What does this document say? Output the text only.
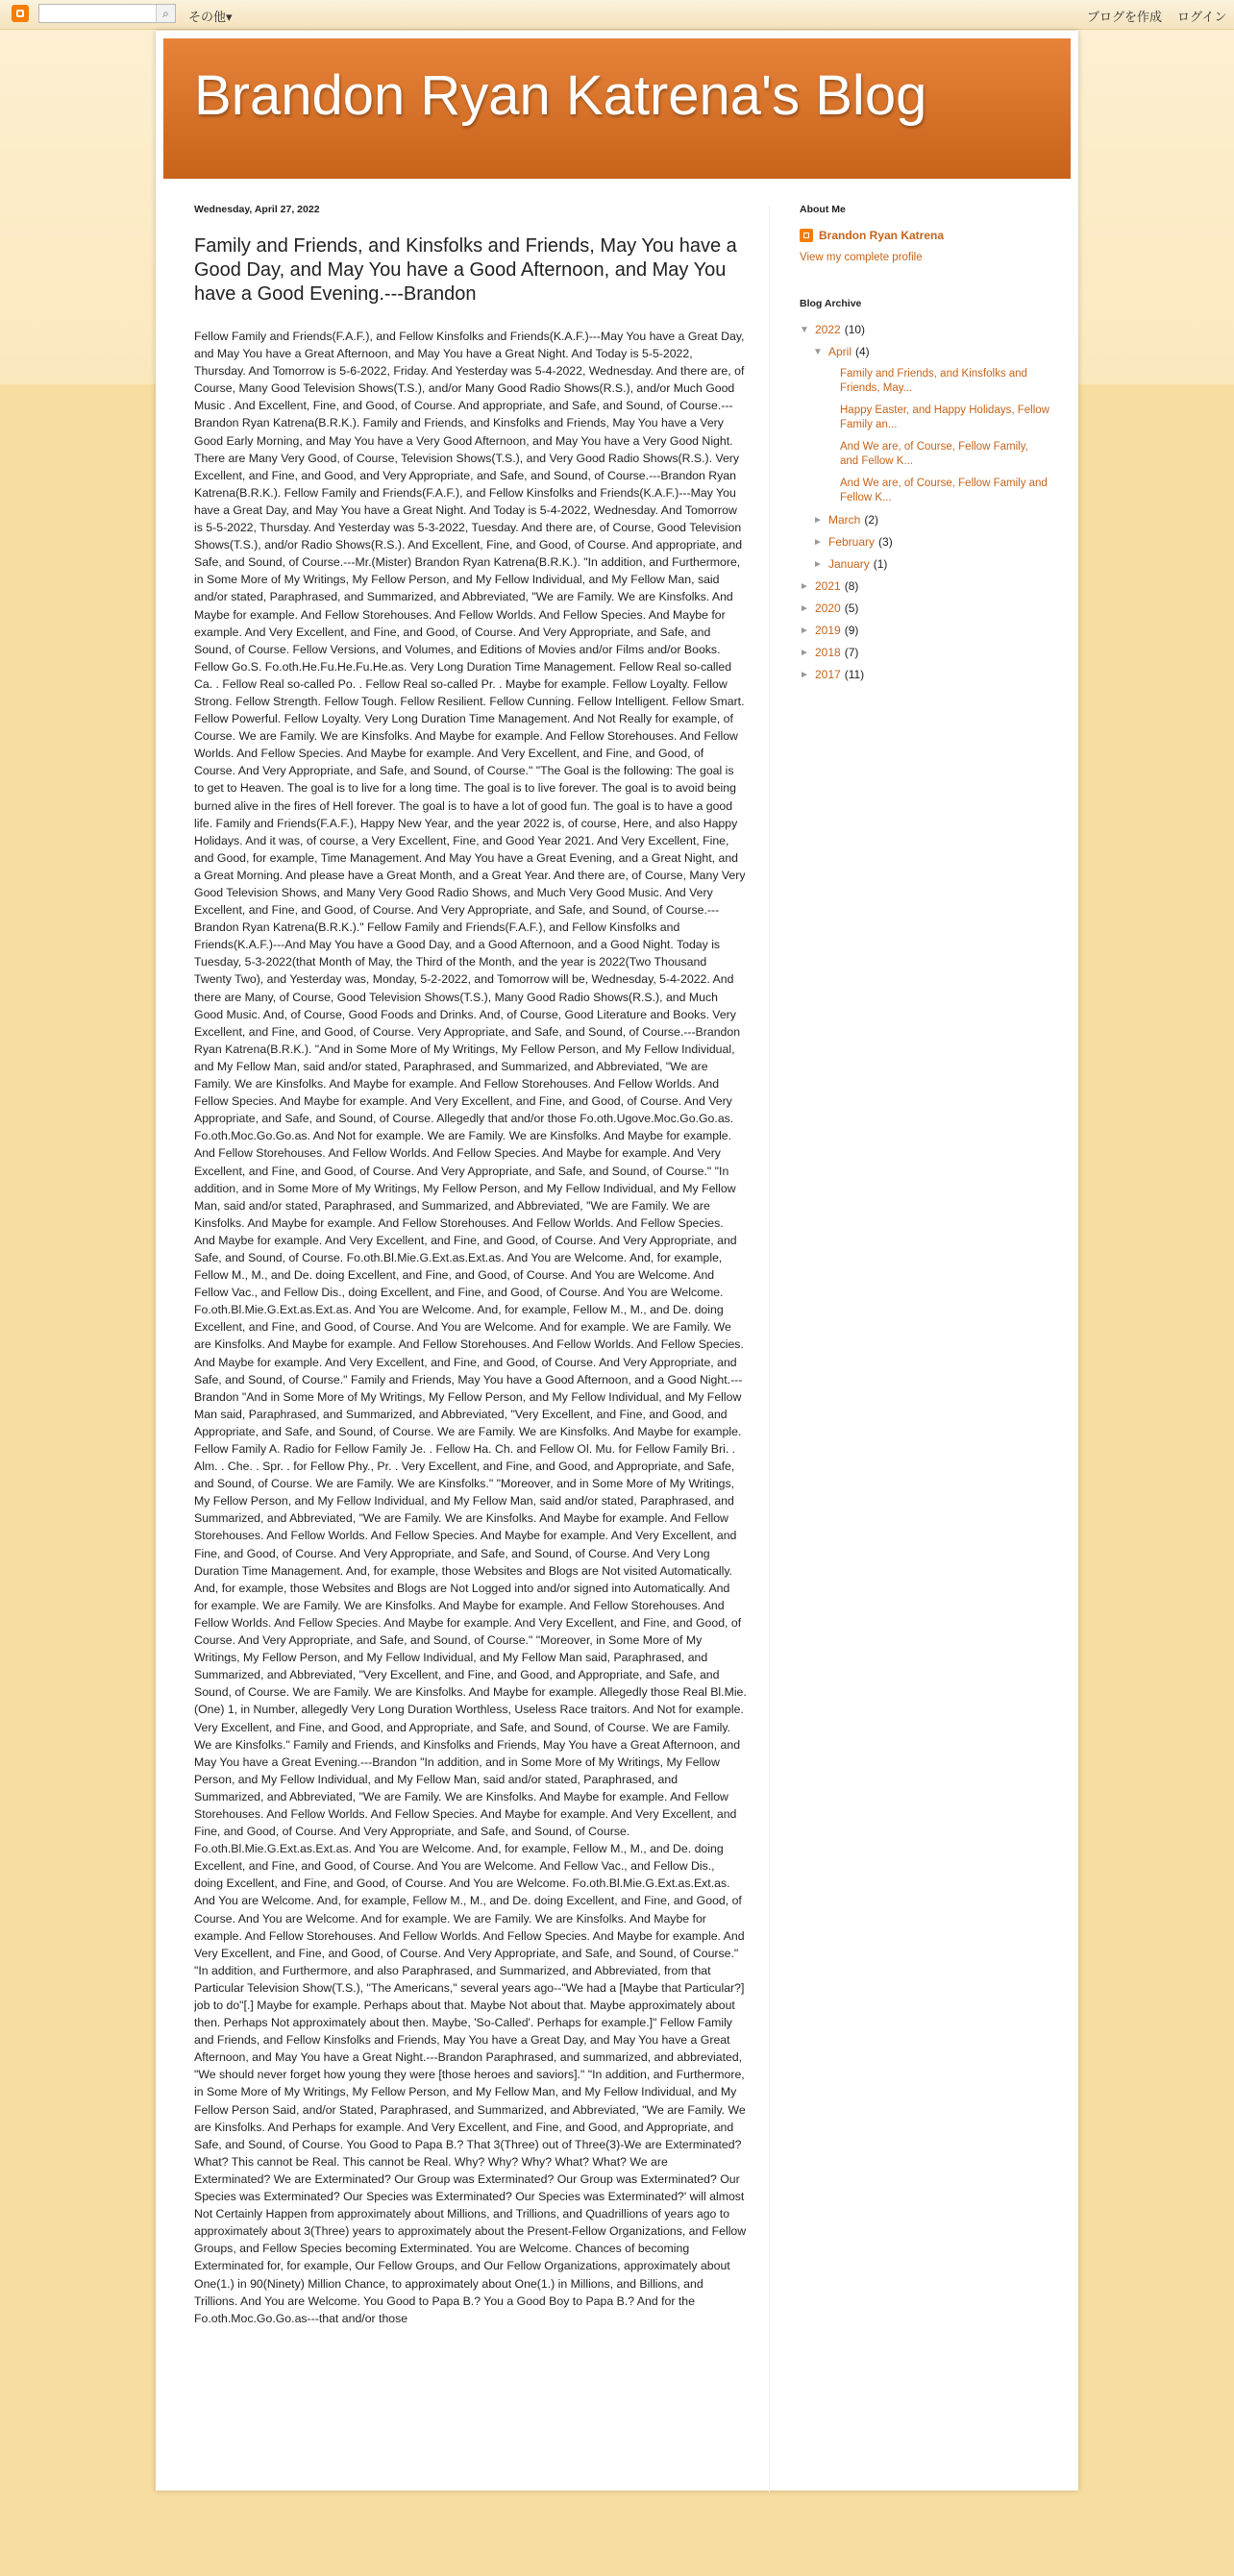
⌕	その他▾	ブログを作成 ログイン
Brandon Ryan Katrena's Blog
Wednesday, April 27, 2022
Family and Friends, and Kinsfolks and Friends, May You have a Good Day, and May You have a Good Afternoon, and May You have a Good Evening.---Brandon
Fellow Family and Friends(F.A.F.), and Fellow Kinsfolks and Friends(K.A.F.)---May You have a Great Day, and May You have a Great Afternoon, and May You have a Great Night. And Today is 5-5-2022, Thursday. And Tomorrow is 5-6-2022, Friday. And Yesterday was 5-4-2022, Wednesday. And there are, of Course, Many Good Television Shows(T.S.), and/or Many Good Radio Shows(R.S.), and/or Much Good Music . And Excellent, Fine, and Good, of Course. And appropriate, and Safe, and Sound, of Course.---Brandon Ryan Katrena(B.R.K.). Family and Friends, and Kinsfolks and Friends, May You have a Very Good Early Morning, and May You have a Very Good Afternoon, and May You have a Very Good Night. There are Many Very Good, of Course, Television Shows(T.S.), and Very Good Radio Shows(R.S.). Very Excellent, and Fine, and Good, and Very Appropriate, and Safe, and Sound, of Course.---Brandon Ryan Katrena(B.R.K.). Fellow Family and Friends(F.A.F.), and Fellow Kinsfolks and Friends(K.A.F.)---May You have a Great Day, and May You have a Great Night. And Today is 5-4-2022, Wednesday. And Tomorrow is 5-5-2022, Thursday. And Yesterday was 5-3-2022, Tuesday. And there are, of Course, Good Television Shows(T.S.), and/or Radio Shows(R.S.). And Excellent, Fine, and Good, of Course. And appropriate, and Safe, and Sound, of Course.---Mr.(Mister) Brandon Ryan Katrena(B.R.K.). "In addition, and Furthermore, in Some More of My Writings, My Fellow Person, and My Fellow Individual, and My Fellow Man, said and/or stated, Paraphrased, and Summarized, and Abbreviated, "We are Family. We are Kinsfolks. And Maybe for example. And Fellow Storehouses. And Fellow Worlds. And Fellow Species. And Maybe for example. And Very Excellent, and Fine, and Good, of Course. And Very Appropriate, and Safe, and Sound, of Course. Fellow Versions, and Volumes, and Editions of Movies and/or Films and/or Books. Fellow Go.S. Fo.oth.He.Fu.He.Fu.He.as. Very Long Duration Time Management. Fellow Real so-called Ca. . Fellow Real so-called Po. . Fellow Real so-called Pr. . Maybe for example. Fellow Loyalty. Fellow Strong. Fellow Strength. Fellow Tough. Fellow Resilient. Fellow Cunning. Fellow Intelligent. Fellow Smart. Fellow Powerful. Fellow Loyalty. Very Long Duration Time Management. And Not Really for example, of Course. We are Family. We are Kinsfolks. And Maybe for example. And Fellow Storehouses. And Fellow Worlds. And Fellow Species. And Maybe for example. And Very Excellent, and Fine, and Good, of Course. And Very Appropriate, and Safe, and Sound, of Course." "The Goal is the following: The goal is to get to Heaven. The goal is to live for a long time. The goal is to live forever. The goal is to avoid being burned alive in the fires of Hell forever. The goal is to have a lot of good fun. The goal is to have a good life. Family and Friends(F.A.F.), Happy New Year, and the year 2022 is, of course, Here, and also Happy Holidays. And it was, of course, a Very Excellent, Fine, and Good Year 2021. And Very Excellent, Fine, and Good, for example, Time Management. And May You have a Great Evening, and a Great Night, and a Great Morning. And please have a Great Month, and a Great Year. And there are, of Course, Many Very Good Television Shows, and Many Very Good Radio Shows, and Much Very Good Music. And Very Excellent, and Fine, and Good, of Course. And Very Appropriate, and Safe, and Sound, of Course.---Brandon Ryan Katrena(B.R.K.)." Fellow Family and Friends(F.A.F.), and Fellow Kinsfolks and Friends(K.A.F.)---And May You have a Good Day, and a Good Afternoon, and a Good Night. Today is Tuesday, 5-3-2022(that Month of May, the Third of the Month, and the year is 2022(Two Thousand Twenty Two), and Yesterday was, Monday, 5-2-2022, and Tomorrow will be, Wednesday, 5-4-2022. And there are Many, of Course, Good Television Shows(T.S.), Many Good Radio Shows(R.S.), and Much Good Music. And, of Course, Good Foods and Drinks. And, of Course, Good Literature and Books. Very Excellent, and Fine, and Good, of Course. Very Appropriate, and Safe, and Sound, of Course.---Brandon Ryan Katrena(B.R.K.). "And in Some More of My Writings, My Fellow Person, and My Fellow Individual, and My Fellow Man, said and/or stated, Paraphrased, and Summarized, and Abbreviated, "We are Family. We are Kinsfolks. And Maybe for example. And Fellow Storehouses. And Fellow Worlds. And Fellow Species. And Maybe for example. And Very Excellent, and Fine, and Good, of Course. And Very Appropriate, and Safe, and Sound, of Course. Allegedly that and/or those Fo.oth.Ugove.Moc.Go.Go.as. Fo.oth.Moc.Go.Go.as. And Not for example. We are Family. We are Kinsfolks. And Maybe for example. And Fellow Storehouses. And Fellow Worlds. And Fellow Species. And Maybe for example. And Very Excellent, and Fine, and Good, of Course. And Very Appropriate, and Safe, and Sound, of Course." "In addition, and in Some More of My Writings, My Fellow Person, and My Fellow Individual, and My Fellow Man, said and/or stated, Paraphrased, and Summarized, and Abbreviated, "We are Family. We are Kinsfolks. And Maybe for example. And Fellow Storehouses. And Fellow Worlds. And Fellow Species. And Maybe for example. And Very Excellent, and Fine, and Good, of Course. And Very Appropriate, and Safe, and Sound, of Course. Fo.oth.Bl.Mie.G.Ext.as.Ext.as. And You are Welcome. And, for example, Fellow M., M., and De. doing Excellent, and Fine, and Good, of Course. And You are Welcome. And Fellow Vac., and Fellow Dis., doing Excellent, and Fine, and Good, of Course. And You are Welcome. Fo.oth.Bl.Mie.G.Ext.as.Ext.as. And You are Welcome. And, for example, Fellow M., M., and De. doing Excellent, and Fine, and Good, of Course. And You are Welcome. And for example. We are Family. We are Kinsfolks. And Maybe for example. And Fellow Storehouses. And Fellow Worlds. And Fellow Species. And Maybe for example. And Very Excellent, and Fine, and Good, of Course. And Very Appropriate, and Safe, and Sound, of Course." Family and Friends, May You have a Good Afternoon, and a Good Night.---Brandon "And in Some More of My Writings, My Fellow Person, and My Fellow Individual, and My Fellow Man said, Paraphrased, and Summarized, and Abbreviated, "Very Excellent, and Fine, and Good, and Appropriate, and Safe, and Sound, of Course. We are Family. We are Kinsfolks. And Maybe for example. Fellow Family A. Radio for Fellow Family Je. . Fellow Ha. Ch. and Fellow Ol. Mu. for Fellow Family Bri. . Alm. . Che. . Spr. . for Fellow Phy., Pr. . Very Excellent, and Fine, and Good, and Appropriate, and Safe, and Sound, of Course. We are Family. We are Kinsfolks." "Moreover, and in Some More of My Writings, My Fellow Person, and My Fellow Individual, and My Fellow Man, said and/or stated, Paraphrased, and Summarized, and Abbreviated, "We are Family. We are Kinsfolks. And Maybe for example. And Fellow Storehouses. And Fellow Worlds. And Fellow Species. And Maybe for example. And Very Excellent, and Fine, and Good, of Course. And Very Appropriate, and Safe, and Sound, of Course. And Very Long Duration Time Management. And, for example, those Websites and Blogs are Not visited Automatically. And, for example, those Websites and Blogs are Not Logged into and/or signed into Automatically. And for example. We are Family. We are Kinsfolks. And Maybe for example. And Fellow Storehouses. And Fellow Worlds. And Fellow Species. And Maybe for example. And Very Excellent, and Fine, and Good, of Course. And Very Appropriate, and Safe, and Sound, of Course." "Moreover, in Some More of My Writings, My Fellow Person, and My Fellow Individual, and My Fellow Man said, Paraphrased, and Summarized, and Abbreviated, "Very Excellent, and Fine, and Good, and Appropriate, and Safe, and Sound, of Course. We are Family. We are Kinsfolks. And Maybe for example. Allegedly those Real Bl.Mie.(One) 1, in Number, allegedly Very Long Duration Worthless, Useless Race traitors. And Not for example. Very Excellent, and Fine, and Good, and Appropriate, and Safe, and Sound, of Course. We are Family. We are Kinsfolks." Family and Friends, and Kinsfolks and Friends, May You have a Great Afternoon, and May You have a Great Evening.---Brandon "In addition, and in Some More of My Writings, My Fellow Person, and My Fellow Individual, and My Fellow Man, said and/or stated, Paraphrased, and Summarized, and Abbreviated, "We are Family. We are Kinsfolks. And Maybe for example. And Fellow Storehouses. And Fellow Worlds. And Fellow Species. And Maybe for example. And Very Excellent, and Fine, and Good, of Course. And Very Appropriate, and Safe, and Sound, of Course. Fo.oth.Bl.Mie.G.Ext.as.Ext.as. And You are Welcome. And, for example, Fellow M., M., and De. doing Excellent, and Fine, and Good, of Course. And You are Welcome. And Fellow Vac., and Fellow Dis., doing Excellent, and Fine, and Good, of Course. And You are Welcome. Fo.oth.Bl.Mie.G.Ext.as.Ext.as. And You are Welcome. And, for example, Fellow M., M., and De. doing Excellent, and Fine, and Good, of Course. And You are Welcome. And for example. We are Family. We are Kinsfolks. And Maybe for example. And Fellow Storehouses. And Fellow Worlds. And Fellow Species. And Maybe for example. And Very Excellent, and Fine, and Good, of Course. And Very Appropriate, and Safe, and Sound, of Course." "In addition, and Furthermore, and also Paraphrased, and Summarized, and Abbreviated, from that Particular Television Show(T.S.), "The Americans," several years ago--"We had a [Maybe that Particular?] job to do"[.] Maybe for example. Perhaps about that. Maybe Not about that. Maybe approximately about then. Perhaps Not approximately about then. Maybe, 'So-Called'. Perhaps for example.]" Fellow Family and Friends, and Fellow Kinsfolks and Friends, May You have a Great Day, and May You have a Great Afternoon, and May You have a Great Night.---Brandon Paraphrased, and summarized, and abbreviated, "We should never forget how young they were [those heroes and saviors]." "In addition, and Furthermore, in Some More of My Writings, My Fellow Person, and My Fellow Man, and My Fellow Individual, and My Fellow Person Said, and/or Stated, Paraphrased, and Summarized, and Abbreviated, "We are Family. We are Kinsfolks. And Perhaps for example. And Very Excellent, and Fine, and Good, and Appropriate, and Safe, and Sound, of Course. You Good to Papa B.? That 3(Three) out of Three(3)-We are Exterminated? What? This cannot be Real. This cannot be Real. Why? Why? Why? What? What? We are Exterminated? We are Exterminated? Our Group was Exterminated? Our Group was Exterminated? Our Species was Exterminated? Our Species was Exterminated? Our Species was Exterminated?' will almost Not Certainly Happen from approximately about Millions, and Trillions, and Quadrillions of years ago to approximately about 3(Three) years to approximately about the Present-Fellow Organizations, and Fellow Groups, and Fellow Species becoming Exterminated. You are Welcome. Chances of becoming Exterminated for, for example, Our Fellow Groups, and Our Fellow Organizations, approximately about One(1.) in 90(Ninety) Million Chance, to approximately about One(1.) in Millions, and Billions, and Trillions. And You are Welcome. You Good to Papa B.? You a Good Boy to Papa B.? And for the Fo.oth.Moc.Go.Go.as---that and/or those
About Me
Brandon Ryan Katrena
View my complete profile
Blog Archive
▼ 2022 (10)
▼ April (4)
Family and Friends, and Kinsfolks and Friends, May...
Happy Easter, and Happy Holidays, Fellow Family an...
And We are, of Course, Fellow Family, and Fellow K...
And We are, of Course, Fellow Family and Fellow K...
► March (2)
► February (3)
► January (1)
► 2021 (8)
► 2020 (5)
► 2019 (9)
► 2018 (7)
► 2017 (11)
